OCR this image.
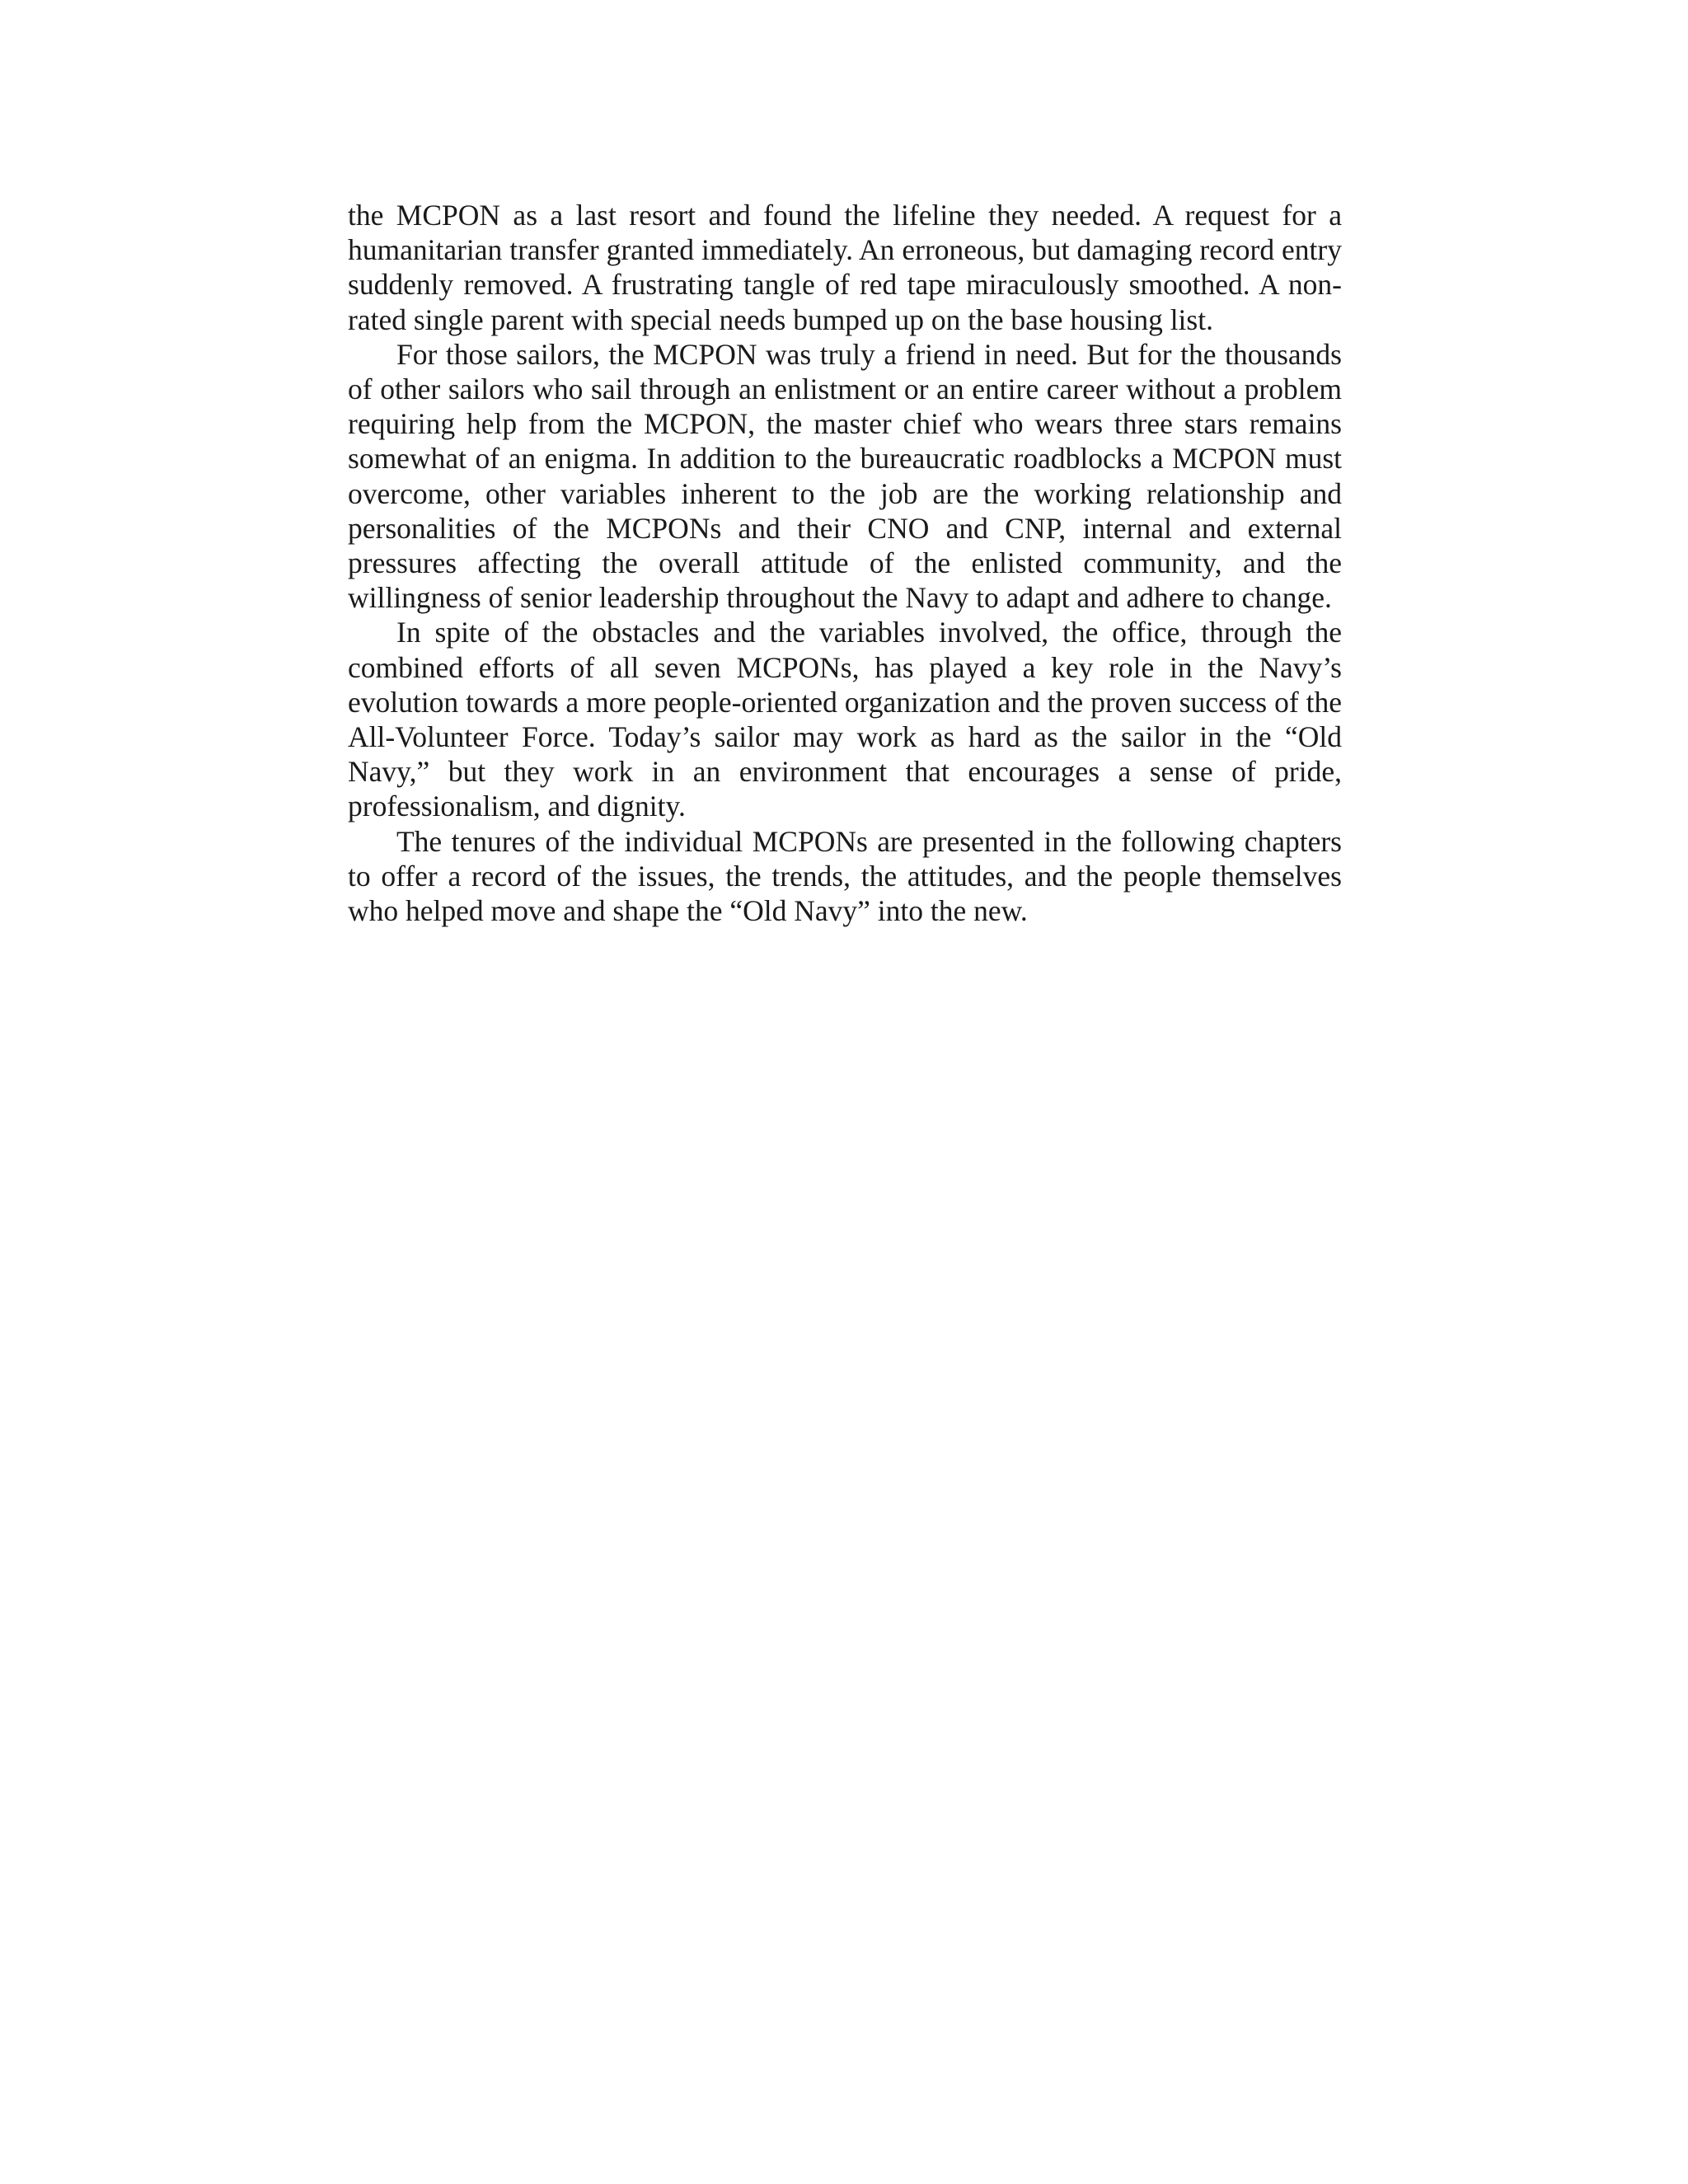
the MCPON as a last resort and found the lifeline they needed. A request for a humanitarian transfer granted immediately. An erroneous, but damaging record entry suddenly removed. A frustrating tangle of red tape miraculously smoothed. A non-rated single parent with special needs bumped up on the base housing list.

For those sailors, the MCPON was truly a friend in need. But for the thousands of other sailors who sail through an enlistment or an entire career without a problem requiring help from the MCPON, the master chief who wears three stars remains somewhat of an enigma. In addition to the bureaucratic roadblocks a MCPON must overcome, other variables inherent to the job are the working relationship and personalities of the MCPONs and their CNO and CNP, internal and external pressures affecting the overall attitude of the enlisted community, and the willingness of senior leadership throughout the Navy to adapt and adhere to change.

In spite of the obstacles and the variables involved, the office, through the combined efforts of all seven MCPONs, has played a key role in the Navy’s evolution towards a more people-oriented organization and the proven success of the All-Volunteer Force. Today’s sailor may work as hard as the sailor in the “Old Navy,” but they work in an environment that encourages a sense of pride, professionalism, and dignity.

The tenures of the individual MCPONs are presented in the following chapters to offer a record of the issues, the trends, the attitudes, and the people themselves who helped move and shape the “Old Navy” into the new.
